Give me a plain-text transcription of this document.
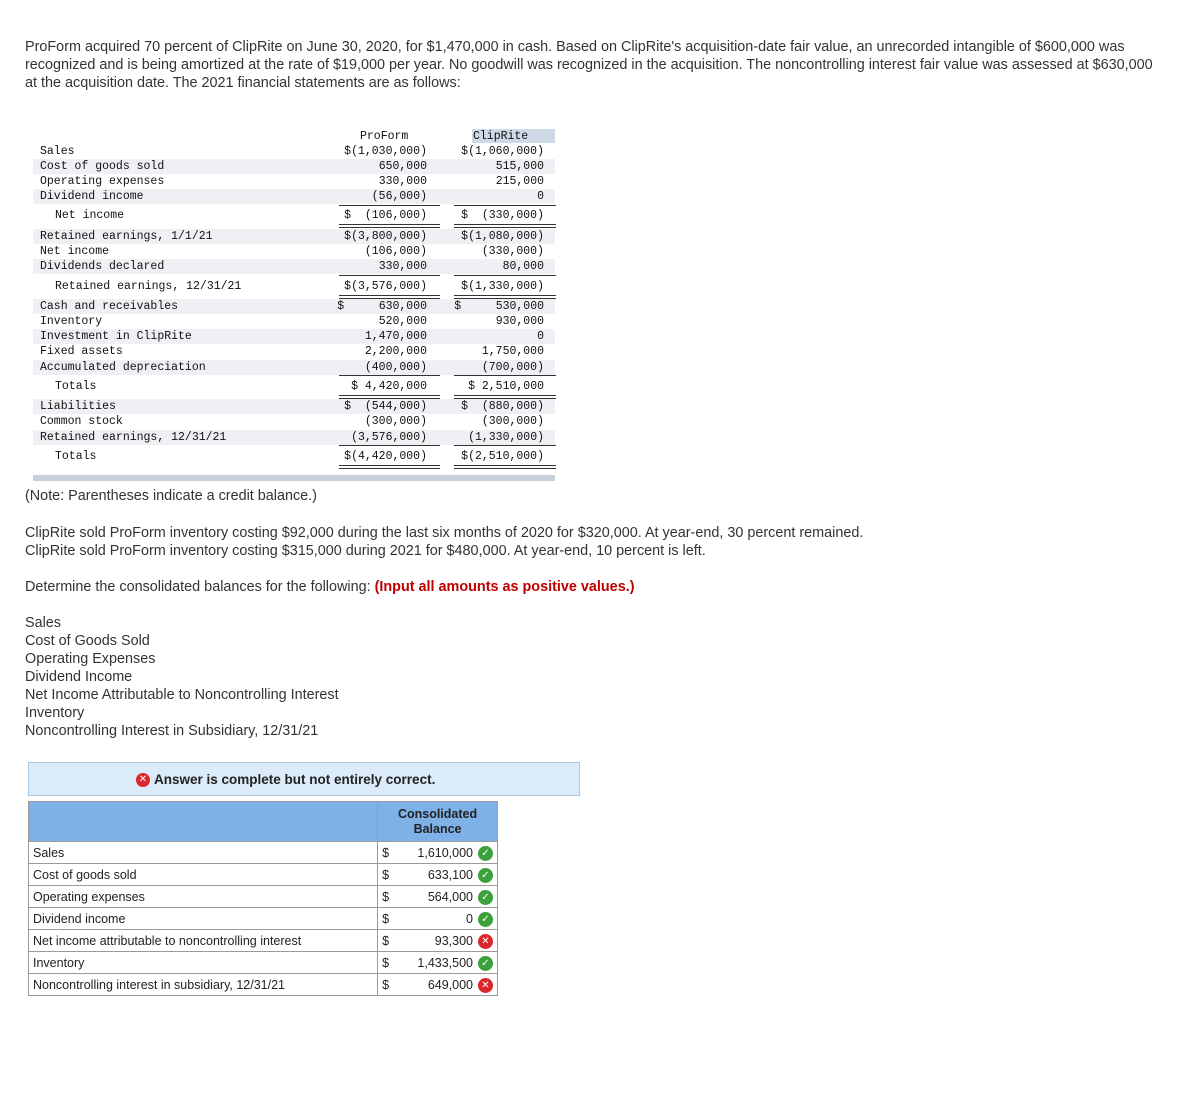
ProForm acquired 70 percent of ClipRite on June 30, 2020, for $1,470,000 in cash. Based on ClipRite's acquisition-date fair value, an unrecorded intangible of $600,000 was recognized and is being amortized at the rate of $19,000 per year. No goodwill was recognized in the acquisition. The noncontrolling interest fair value was assessed at $630,000 at the acquisition date. The 2021 financial statements are as follows:
ProForm	ClipRite
Sales	$(1,030,000)	$(1,060,000)
Cost of goods sold	650,000	515,000
Operating expenses	330,000	215,000
Dividend income	(56,000)	0
Net income	$  (106,000)	$  (330,000)
Retained earnings, 1/1/21	$(3,800,000)	$(1,080,000)
Net income	(106,000)	(330,000)
Dividends declared	330,000	80,000
Retained earnings, 12/31/21	$(3,576,000)	$(1,330,000)
Cash and receivables	$     630,000 $     530,000
Inventory	520,000	930,000
Investment in ClipRite	1,470,000	0
Fixed assets	2,200,000	1,750,000
Accumulated depreciation	(400,000)	(700,000)
Totals	$ 4,420,000	$ 2,510,000
Liabilities	$  (544,000)	$  (880,000)
Common stock	(300,000)	(300,000)
Retained earnings, 12/31/21	(3,576,000)	(1,330,000)
Totals	$(4,420,000)	$(2,510,000)
(Note: Parentheses indicate a credit balance.)
ClipRite sold ProForm inventory costing $92,000 during the last six months of 2020 for $320,000. At year-end, 30 percent remained.
ClipRite sold ProForm inventory costing $315,000 during 2021 for $480,000. At year-end, 10 percent is left.
Determine the consolidated balances for the following: (Input all amounts as positive values.)
Sales
Cost of Goods Sold
Operating Expenses
Dividend Income
Net Income Attributable to Noncontrolling Interest
Inventory
Noncontrolling Interest in Subsidiary, 12/31/21
✕ Answer is complete but not entirely correct.
	Consolidated
Balance
Sales	$ 1,610,000 ✓

Cost of goods sold	$ 633,100 ✓

Operating expenses	$ 564,000 ✓

Dividend income	$ 0 ✓

Net income attributable to noncontrolling interest	$ 93,300 ✕

Inventory	$ 1,433,500 ✓

Noncontrolling interest in subsidiary, 12/31/21	$ 649,000 ✕
